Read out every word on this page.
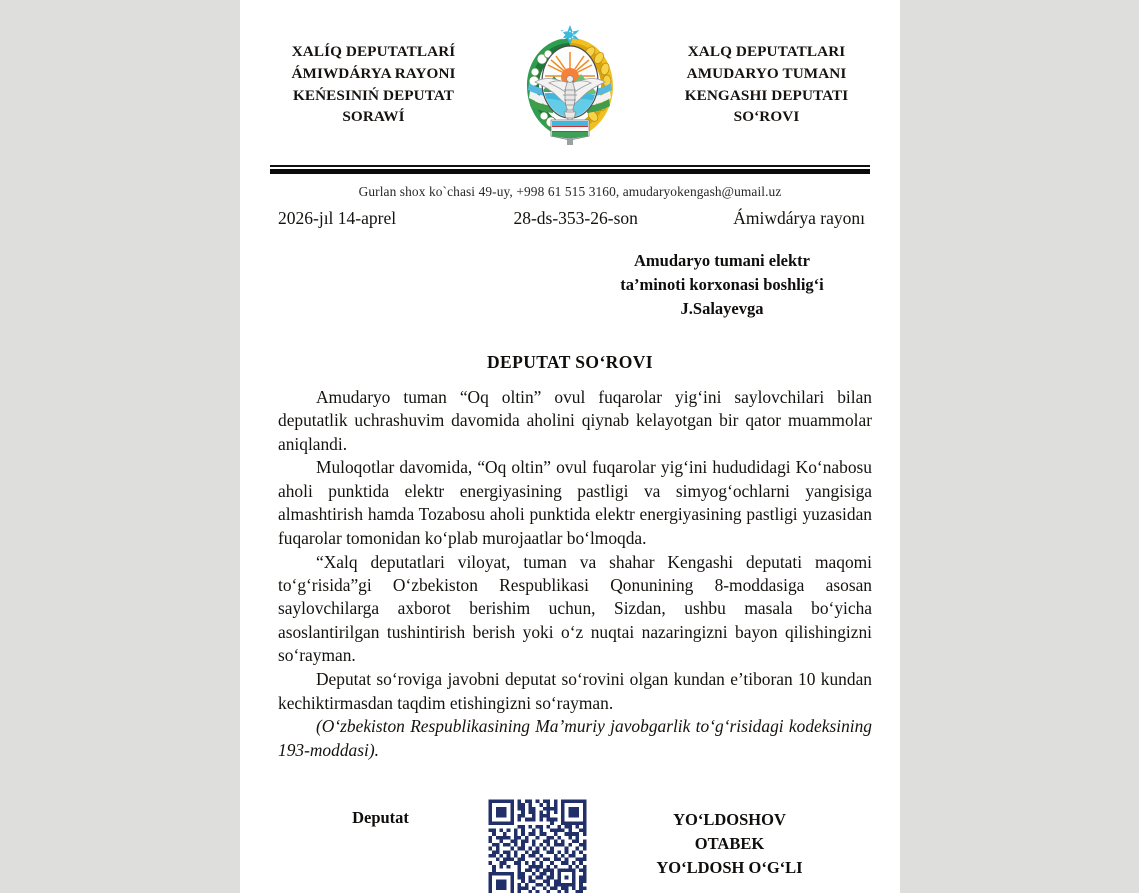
XALÍQ DEPUTATLARÍ
ÁMIWDÁRYA RAYONI
KEŃESINIŃ DEPUTAT
SORAWÍ
XALQ DEPUTATLARI
AMUDARYO TUMANI
KENGASHI DEPUTATI
SO‘ROVI
Gurlan shox ko`chasi 49-uy, +998 61 515 3160, amudaryokengash@umail.uz
2026-jıl 14-aprel	28-ds-353-26-son	Ámiwdárya rayonı
Amudaryo tumani elektr
ta’minoti korxonasi boshlig‘i
J.Salayevga
DEPUTAT SO‘ROVI

Amudaryo tuman “Oq oltin” ovul fuqarolar yig‘ini saylovchilari bilan deputatlik uchrashuvim davomida aholini qiynab kelayotgan bir qator muammolar aniqlandi.

Muloqotlar davomida, “Oq oltin” ovul fuqarolar yig‘ini hududidagi Ko‘nabosu aholi punktida elektr energiyasining pastligi va simyog‘ochlarni yangisiga almashtirish hamda Tozabosu aholi punktida elektr energiyasining pastligi yuzasidan fuqarolar tomonidan ko‘plab murojaatlar bo‘lmoqda.

“Xalq deputatlari viloyat, tuman va shahar Kengashi deputati maqomi to‘g‘risida”gi O‘zbekiston Respublikasi Qonunining 8-moddasiga asosan saylovchilarga axborot berishim uchun, Sizdan, ushbu masala bo‘yicha asoslantirilgan tushintirish berish yoki o‘z nuqtai nazaringizni bayon qilishingizni so‘rayman.

Deputat so‘roviga javobni deputat so‘rovini olgan kundan e’tiboran 10 kundan kechiktirmasdan taqdim etishingizni so‘rayman.

(O‘zbekiston Respublikasining Ma’muriy javobgarlik to‘g‘risidagi kodeksining 193-moddasi).

Deputat	YO‘LDOSHOV
OTABEK
YO‘LDOSH O‘G‘LI
